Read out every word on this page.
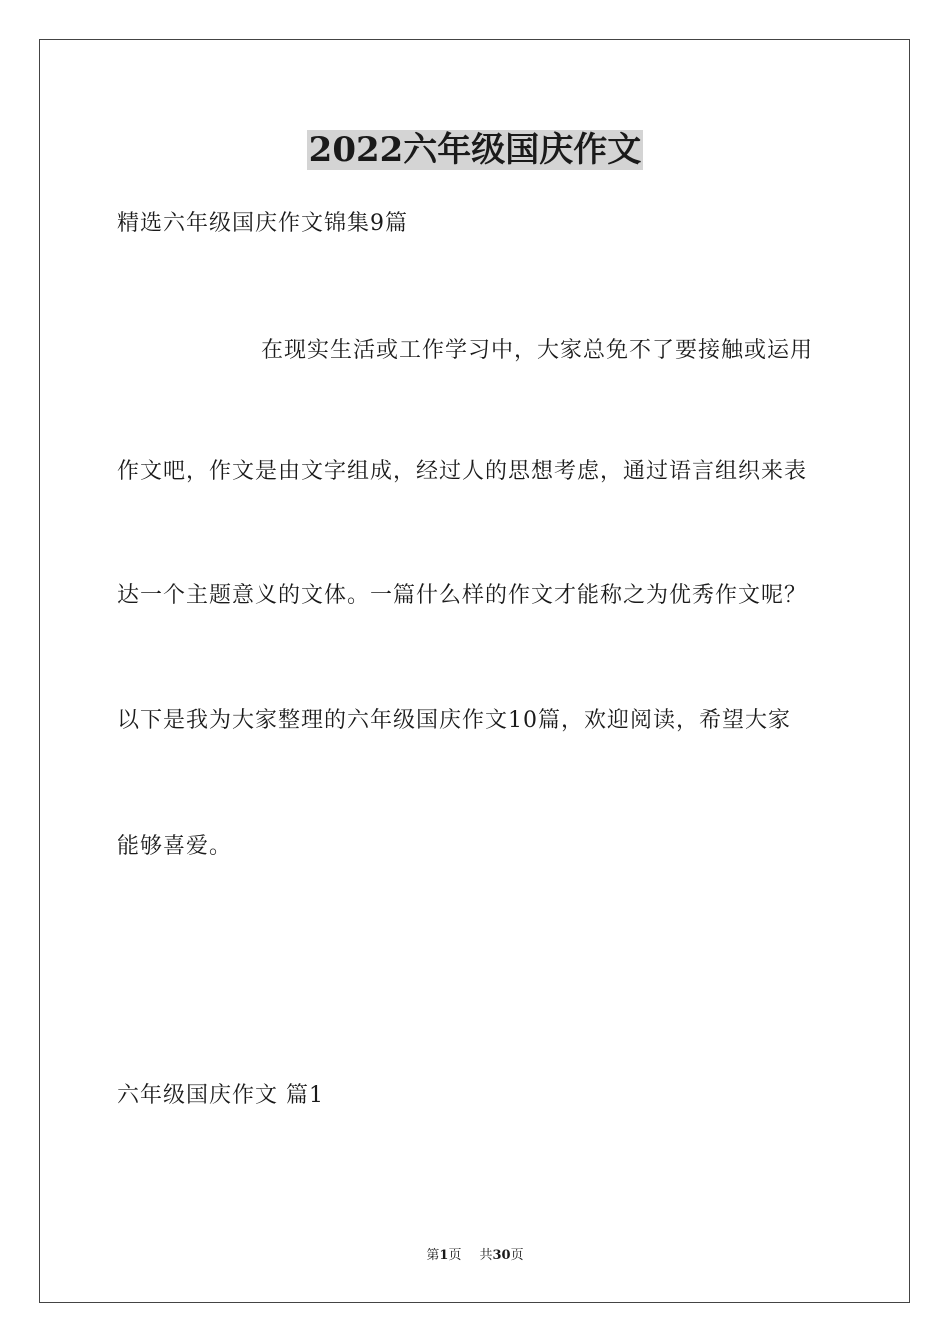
2022六年级国庆作文
精选六年级国庆作文锦集9篇
在现实生活或工作学习中，大家总免不了要接触或运用
作文吧，作文是由文字组成，经过人的思想考虑，通过语言组织来表
达一个主题意义的文体。一篇什么样的作文才能称之为优秀作文呢？
以下是我为大家整理的六年级国庆作文10篇，欢迎阅读，希望大家
能够喜爱。
六年级国庆作文 篇1
第1页 共30页
